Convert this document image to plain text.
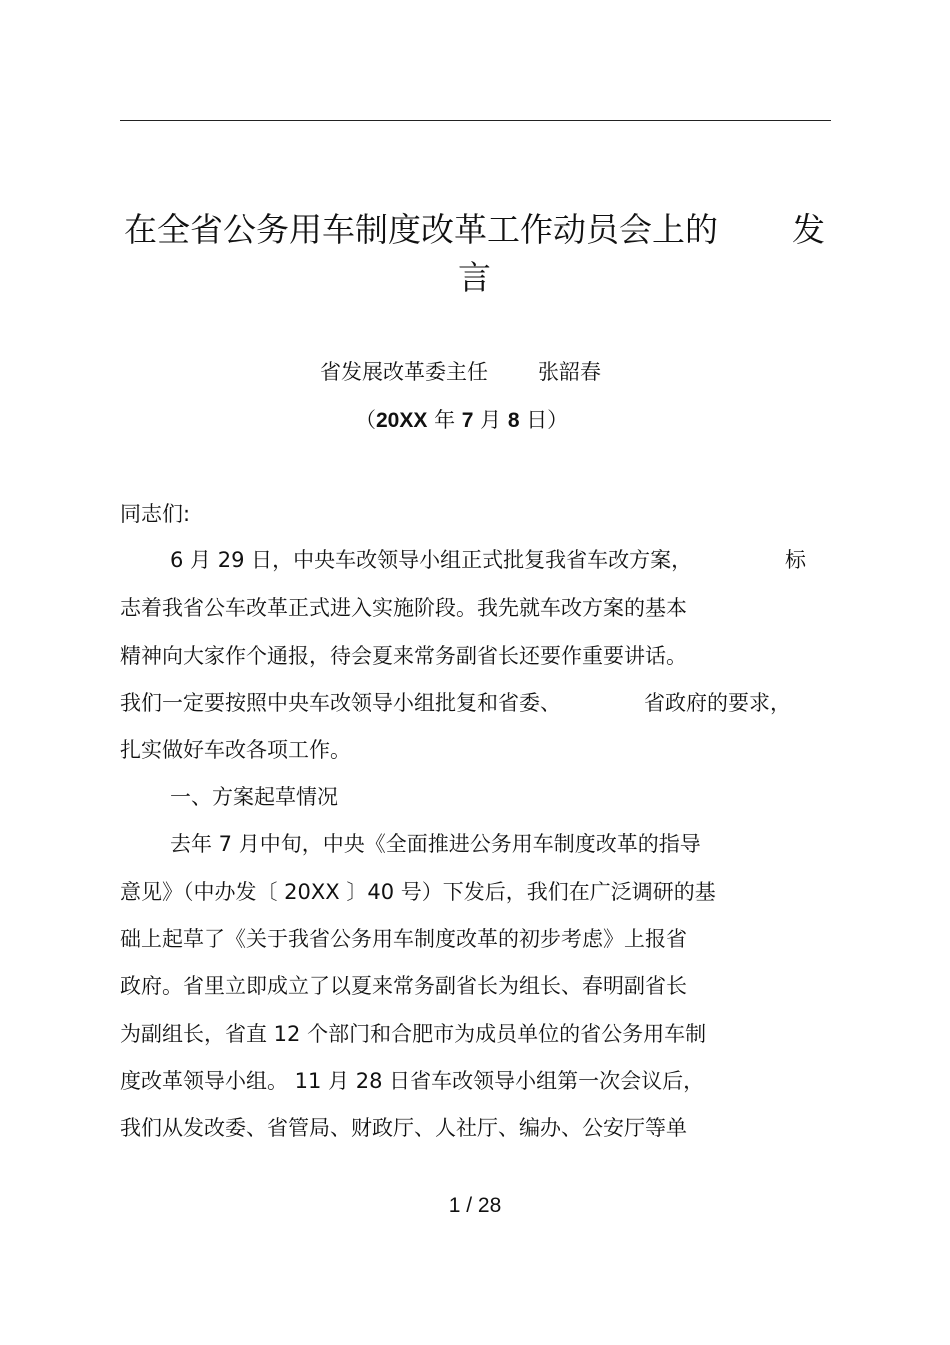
在全省公务用车制度改革工作动员会上的 发
言
省发展改革委主任 张韶春
（20XX 年 7 月 8 日）
同志们:
6 月 29 日，中央车改领导小组正式批复我省车改方案，	标
志着我省公车改革正式进入实施阶段。我先就车改方案的基本
精神向大家作个通报，待会夏来常务副省长还要作重要讲话。
我们一定要按照中央车改领导小组批复和省委、	省政府的要求，
扎实做好车改各项工作。
一、方案起草情况
去年 7 月中旬，中央《全面推进公务用车制度改革的指导
意见》（中办发〔 20XX 〕40 号）下发后，我们在广泛调研的基
础上起草了《关于我省公务用车制度改革的初步考虑》上报省
政府。省里立即成立了以夏来常务副省长为组长、春明副省长
为副组长，省直 12 个部门和合肥市为成员单位的省公务用车制
度改革领导小组。 11 月 28 日省车改领导小组第一次会议后，
我们从发改委、省管局、财政厅、人社厅、编办、公安厅等单
1 / 28
